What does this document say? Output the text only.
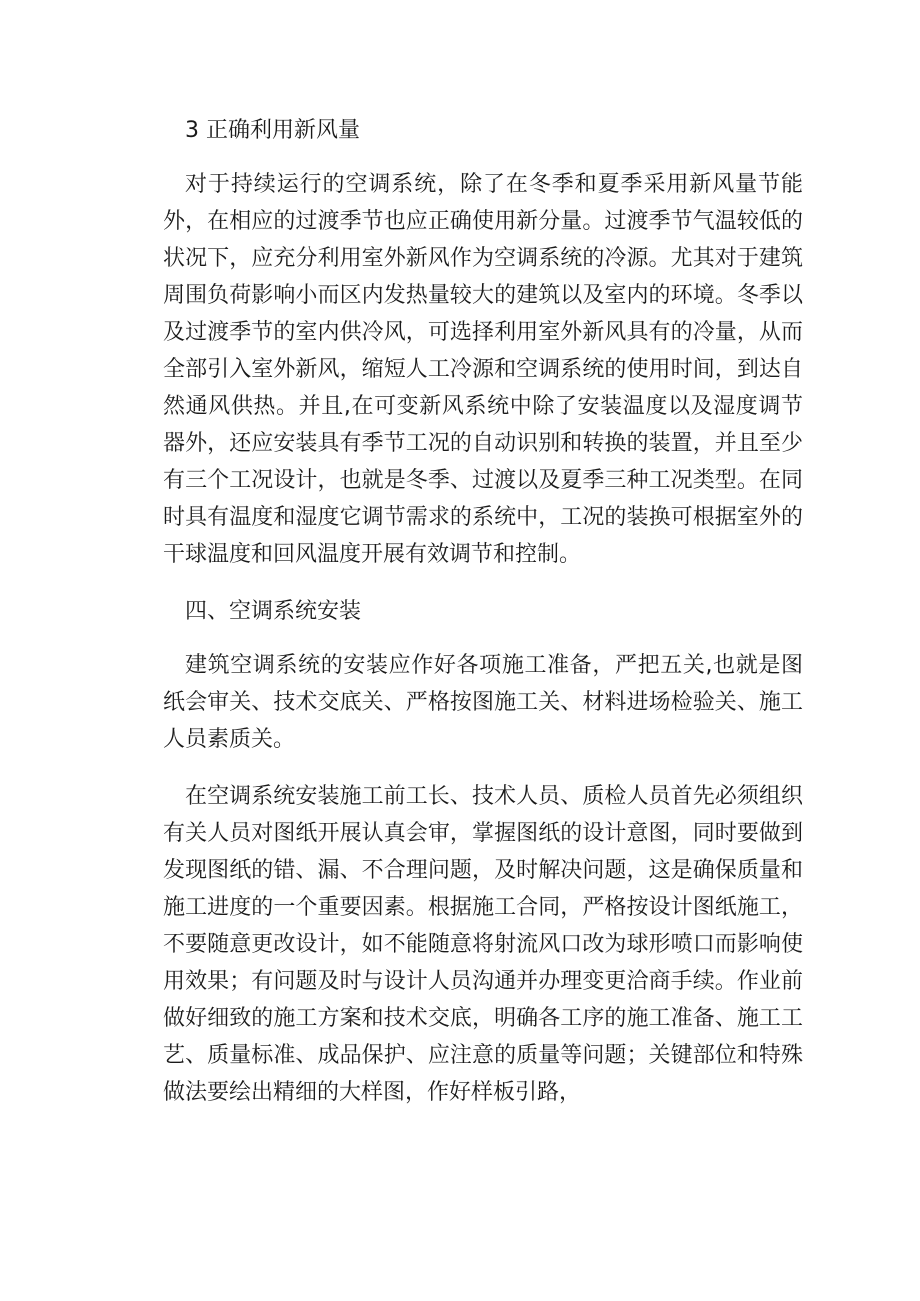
3 正确利用新风量

对于持续运行的空调系统，除了在冬季和夏季采用新风量节能外，在相应的过渡季节也应正确使用新分量。过渡季节气温较低的状况下，应充分利用室外新风作为空调系统的冷源。尤其对于建筑周围负荷影响小而区内发热量较大的建筑以及室内的环境。冬季以及过渡季节的室内供冷风，可选择利用室外新风具有的冷量，从而全部引入室外新风，缩短人工冷源和空调系统的使用时间，到达自然通风供热。并且,在可变新风系统中除了安装温度以及湿度调节器外，还应安装具有季节工况的自动识别和转换的装置，并且至少有三个工况设计，也就是冬季、过渡以及夏季三种工况类型。在同时具有温度和湿度它调节需求的系统中，工况的装换可根据室外的干球温度和回风温度开展有效调节和控制。

四、空调系统安装

建筑空调系统的安装应作好各项施工准备，严把五关,也就是图纸会审关、技术交底关、严格按图施工关、材料进场检验关、施工人员素质关。

在空调系统安装施工前工长、技术人员、质检人员首先必须组织有关人员对图纸开展认真会审，掌握图纸的设计意图，同时要做到发现图纸的错、漏、不合理问题，及时解决问题，这是确保质量和施工进度的一个重要因素。根据施工合同，严格按设计图纸施工，不要随意更改设计，如不能随意将射流风口改为球形喷口而影响使用效果；有问题及时与设计人员沟通并办理变更洽商手续。作业前做好细致的施工方案和技术交底，明确各工序的施工准备、施工工艺、质量标准、成品保护、应注意的质量等问题；关键部位和特殊做法要绘出精细的大样图，作好样板引路，
